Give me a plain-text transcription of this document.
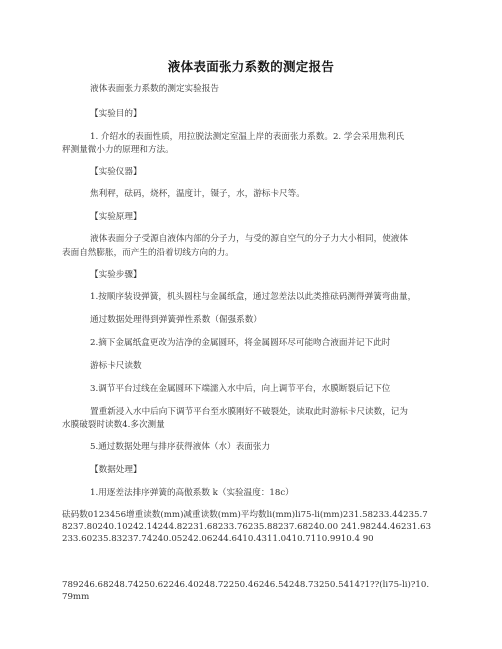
液体表面张力系数的测定报告
液体表面张力系数的测定实验报告
【实验目的】
1. 介绍水的表面性质，用拉脱法测定室温上岸的表面张力系数。2. 学会采用焦利氏
秤测量微小力的原理和方法。
【实验仪器】
焦利秤，砝码，烧杯，温度计，镊子，水，游标卡尺等。
【实验原理】
液体表面分子受源自液体内部的分子力，与受的源自空气的分子力大小相同，使液体
表面自然膨胀，而产生的沿着切线方向的力。
【实验步骤】
1.按顺序装设弹簧，机头圆柱与金属纸盒，通过忽差法以此类推砝码测得弹簧弯曲量，
通过数据处理得到弹簧弹性系数（倔强系数）
2.摘下金属纸盒更改为洁净的金属圆环，将金属圆环尽可能吻合液面并记下此时
游标卡尺读数
3.调节平台过线在金属圆环下端濡入水中后，向上调节平台，水膜断裂后记下位
置重新浸入水中后向下调节平台至水膜刚好不破裂处，读取此时游标卡尺读数，记为
水膜破裂时读数4.多次测量
5.通过数据处理与排序获得液体（水）表面张力
【数据处理】
1.用逐差法排序弹簧的高傲系数 k（实验温度：18c）
砝码数0123456增重读数(mm)减重读数(mm)平均数li(mm)li75-li(mm)231.58233.44235.78237.80240.10242.14244.82231.68233.76235.88237.68240.00 241.98244.46231.63233.60235.83237.74240.05242.06244.6410.4311.0410.7110.9910.4 90
789246.68248.74250.62246.40248.72250.46246.54248.73250.5414?1??(li75-li)?10.79mm
